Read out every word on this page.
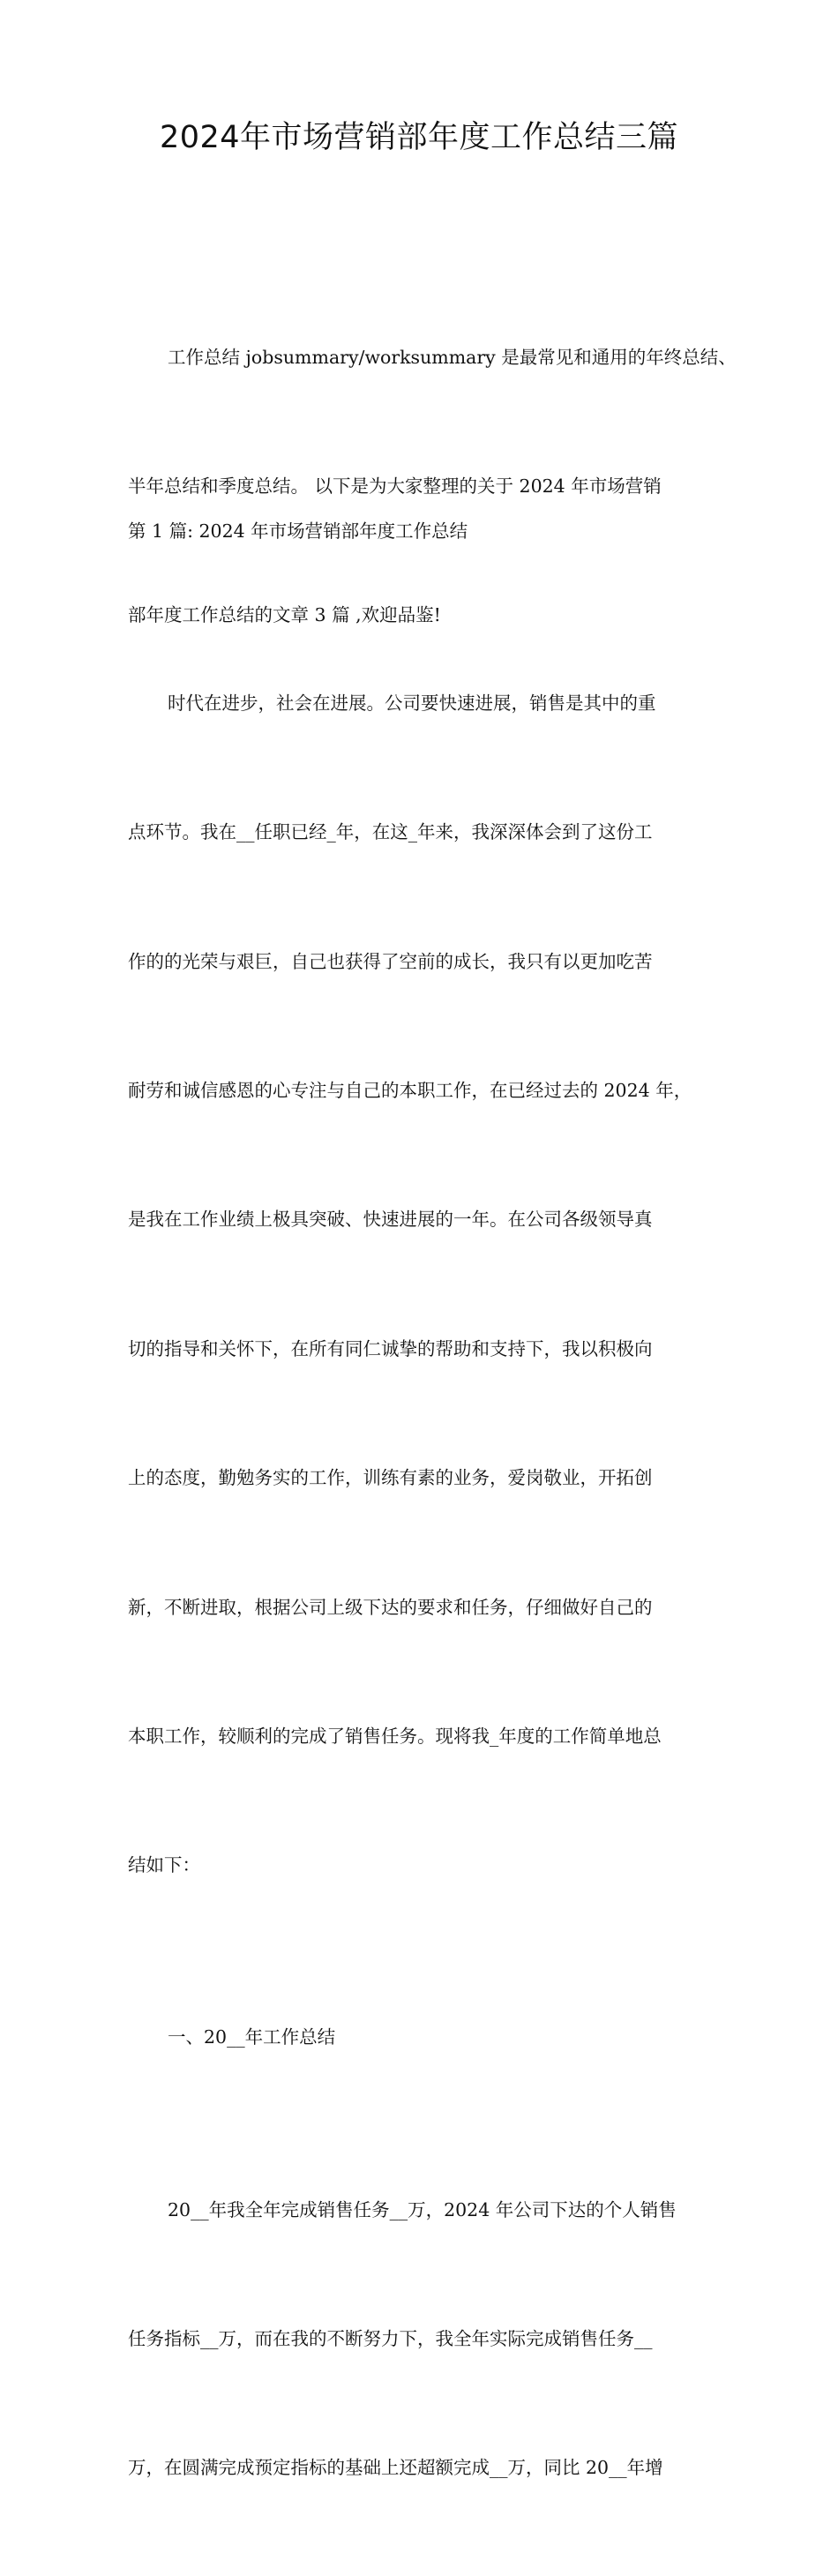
2024年市场营销部年度工作总结三篇

工作总结 jobsummary/worksummary 是最常见和通用的年终总结、

半年总结和季度总结。 以下是为大家整理的关于 2024 年市场营销

部年度工作总结的文章 3 篇 ,欢迎品鉴!

第 1 篇: 2024 年市场营销部年度工作总结

时代在进步，社会在进展。公司要快速进展，销售是其中的重

点环节。我在__任职已经_年，在这_年来，我深深体会到了这份工

作的的光荣与艰巨，自己也获得了空前的成长，我只有以更加吃苦

耐劳和诚信感恩的心专注与自己的本职工作，在已经过去的 2024 年，

是我在工作业绩上极具突破、快速进展的一年。在公司各级领导真

切的指导和关怀下，在所有同仁诚挚的帮助和支持下，我以积极向

上的态度，勤勉务实的工作，训练有素的业务，爱岗敬业，开拓创

新，不断进取，根据公司上级下达的要求和任务，仔细做好自己的

本职工作，较顺利的完成了销售任务。现将我_年度的工作简单地总

结如下：

一、20__年工作总结

20__年我全年完成销售任务__万，2024 年公司下达的个人销售

任务指标__万，而在我的不断努力下，我全年实际完成销售任务__

万，在圆满完成预定指标的基础上还超额完成__万，同比 20__年增
